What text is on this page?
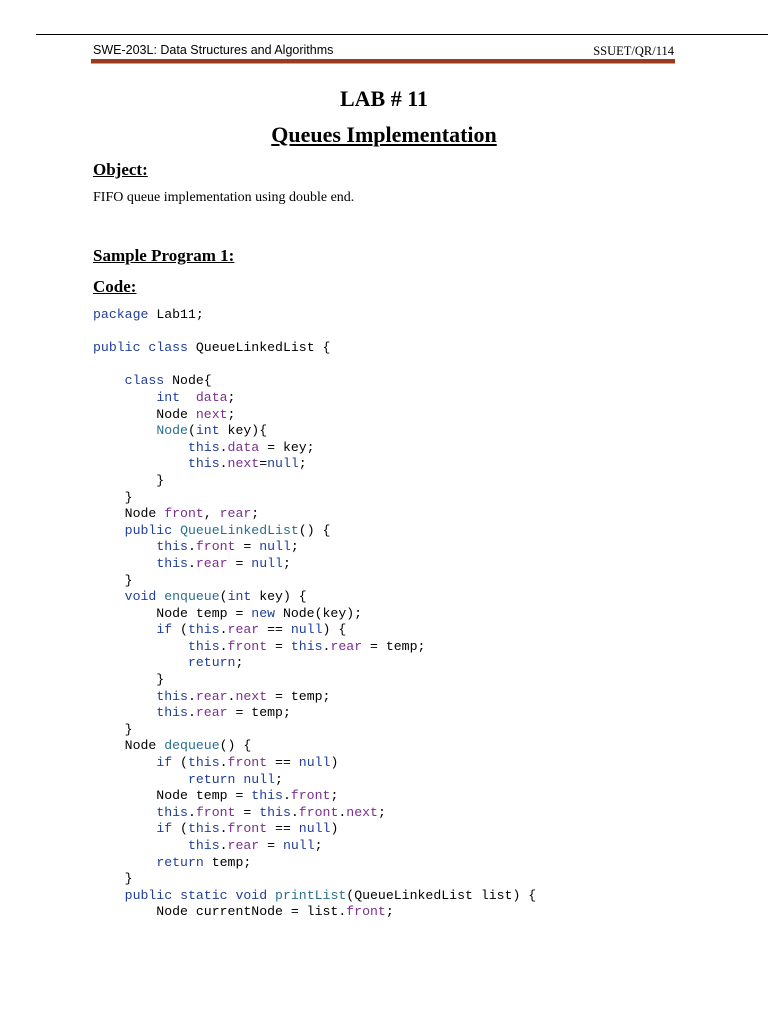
SWE-203L: Data Structures and Algorithms	SSUET/QR/114
LAB # 11
Queues Implementation
Object:
FIFO queue implementation using double end.
Sample Program 1:
Code:
package Lab11;

public class QueueLinkedList {

class Node{
int data;
Node next;
Node(int key){
this.data = key;
this.next=null;
}
}
Node front, rear;
public QueueLinkedList() {
this.front = null;
this.rear = null;
}
void enqueue(int key) {
Node temp = new Node(key);
if (this.rear == null) {
this.front = this.rear = temp;
return;
}
this.rear.next = temp;
this.rear = temp;
}
Node dequeue() {
if (this.front == null)
return null;
Node temp = this.front;
this.front = this.front.next;
if (this.front == null)
this.rear = null;
return temp;
}
public static void printList(QueueLinkedList list) {
Node currentNode = list.front;
